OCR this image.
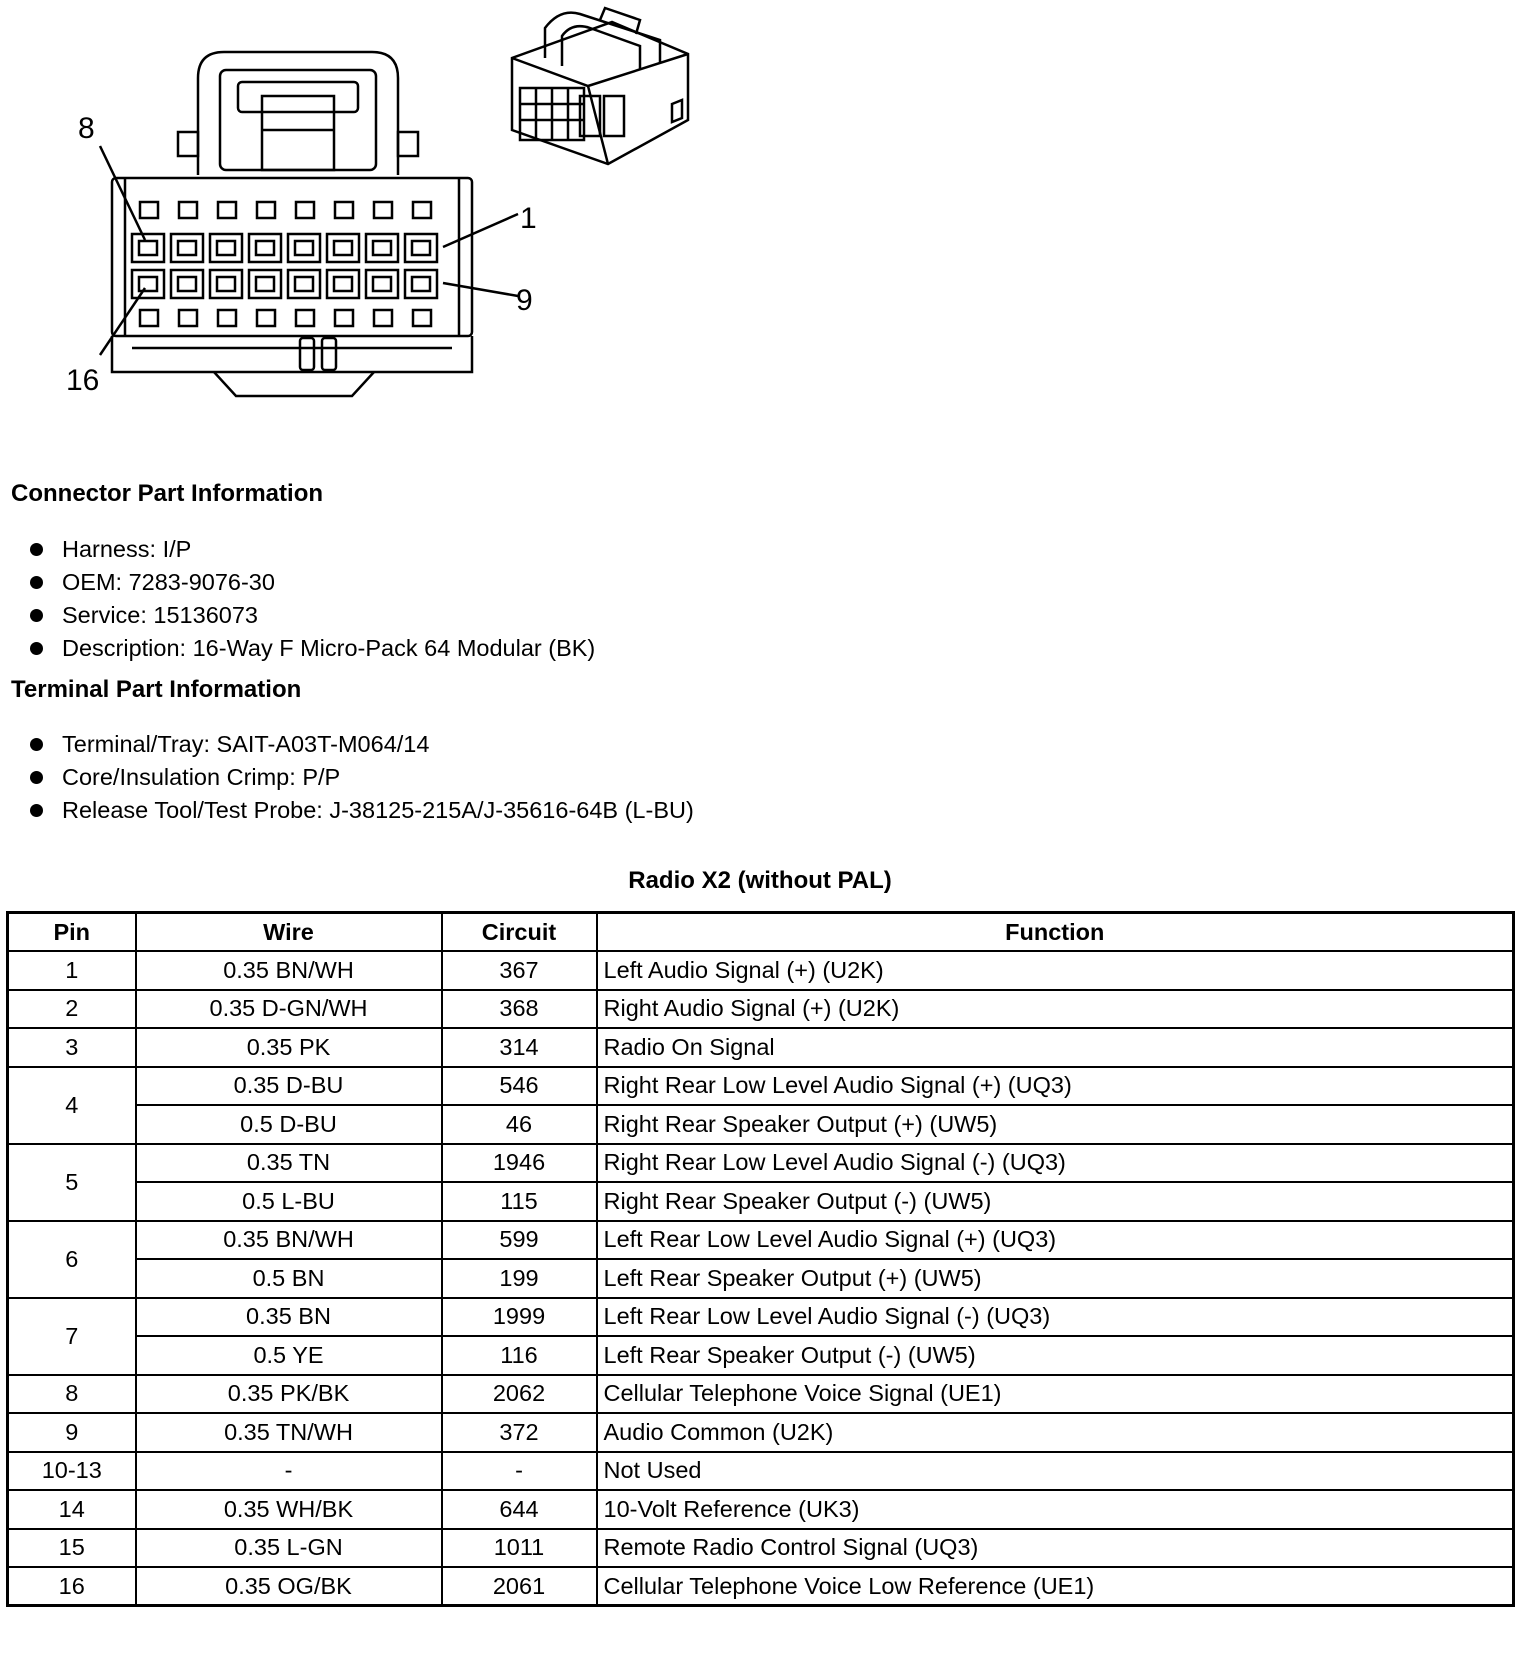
8
1
9
16
Connector Part Information
Harness: I/P
OEM: 7283-9076-30
Service: 15136073
Description: 16-Way F Micro-Pack 64 Modular (BK)
Terminal Part Information
Terminal/Tray: SAIT-A03T-M064/14
Core/Insulation Crimp: P/P
Release Tool/Test Probe: J-38125-215A/J-35616-64B (L-BU)
Radio X2 (without PAL)
Pin	Wire	Circuit	Function
1	0.35 BN/WH	367	Left Audio Signal (+) (U2K)
2	0.35 D-GN/WH	368	Right Audio Signal (+) (U2K)
3	0.35 PK	314	Radio On Signal
4	0.35 D-BU	546	Right Rear Low Level Audio Signal (+) (UQ3)
	0.5 D-BU	46	Right Rear Speaker Output (+) (UW5)
5	0.35 TN	1946	Right Rear Low Level Audio Signal (-) (UQ3)
	0.5 L-BU	115	Right Rear Speaker Output (-) (UW5)
6	0.35 BN/WH	599	Left Rear Low Level Audio Signal (+) (UQ3)
	0.5 BN	199	Left Rear Speaker Output (+) (UW5)
7	0.35 BN	1999	Left Rear Low Level Audio Signal (-) (UQ3)
	0.5 YE	116	Left Rear Speaker Output (-) (UW5)
8	0.35 PK/BK	2062	Cellular Telephone Voice Signal (UE1)
9	0.35 TN/WH	372	Audio Common (U2K)
10-13	-	-	Not Used
14	0.35 WH/BK	644	10-Volt Reference (UK3)
15	0.35 L-GN	1011	Remote Radio Control Signal (UQ3)
16	0.35 OG/BK	2061	Cellular Telephone Voice Low Reference (UE1)
